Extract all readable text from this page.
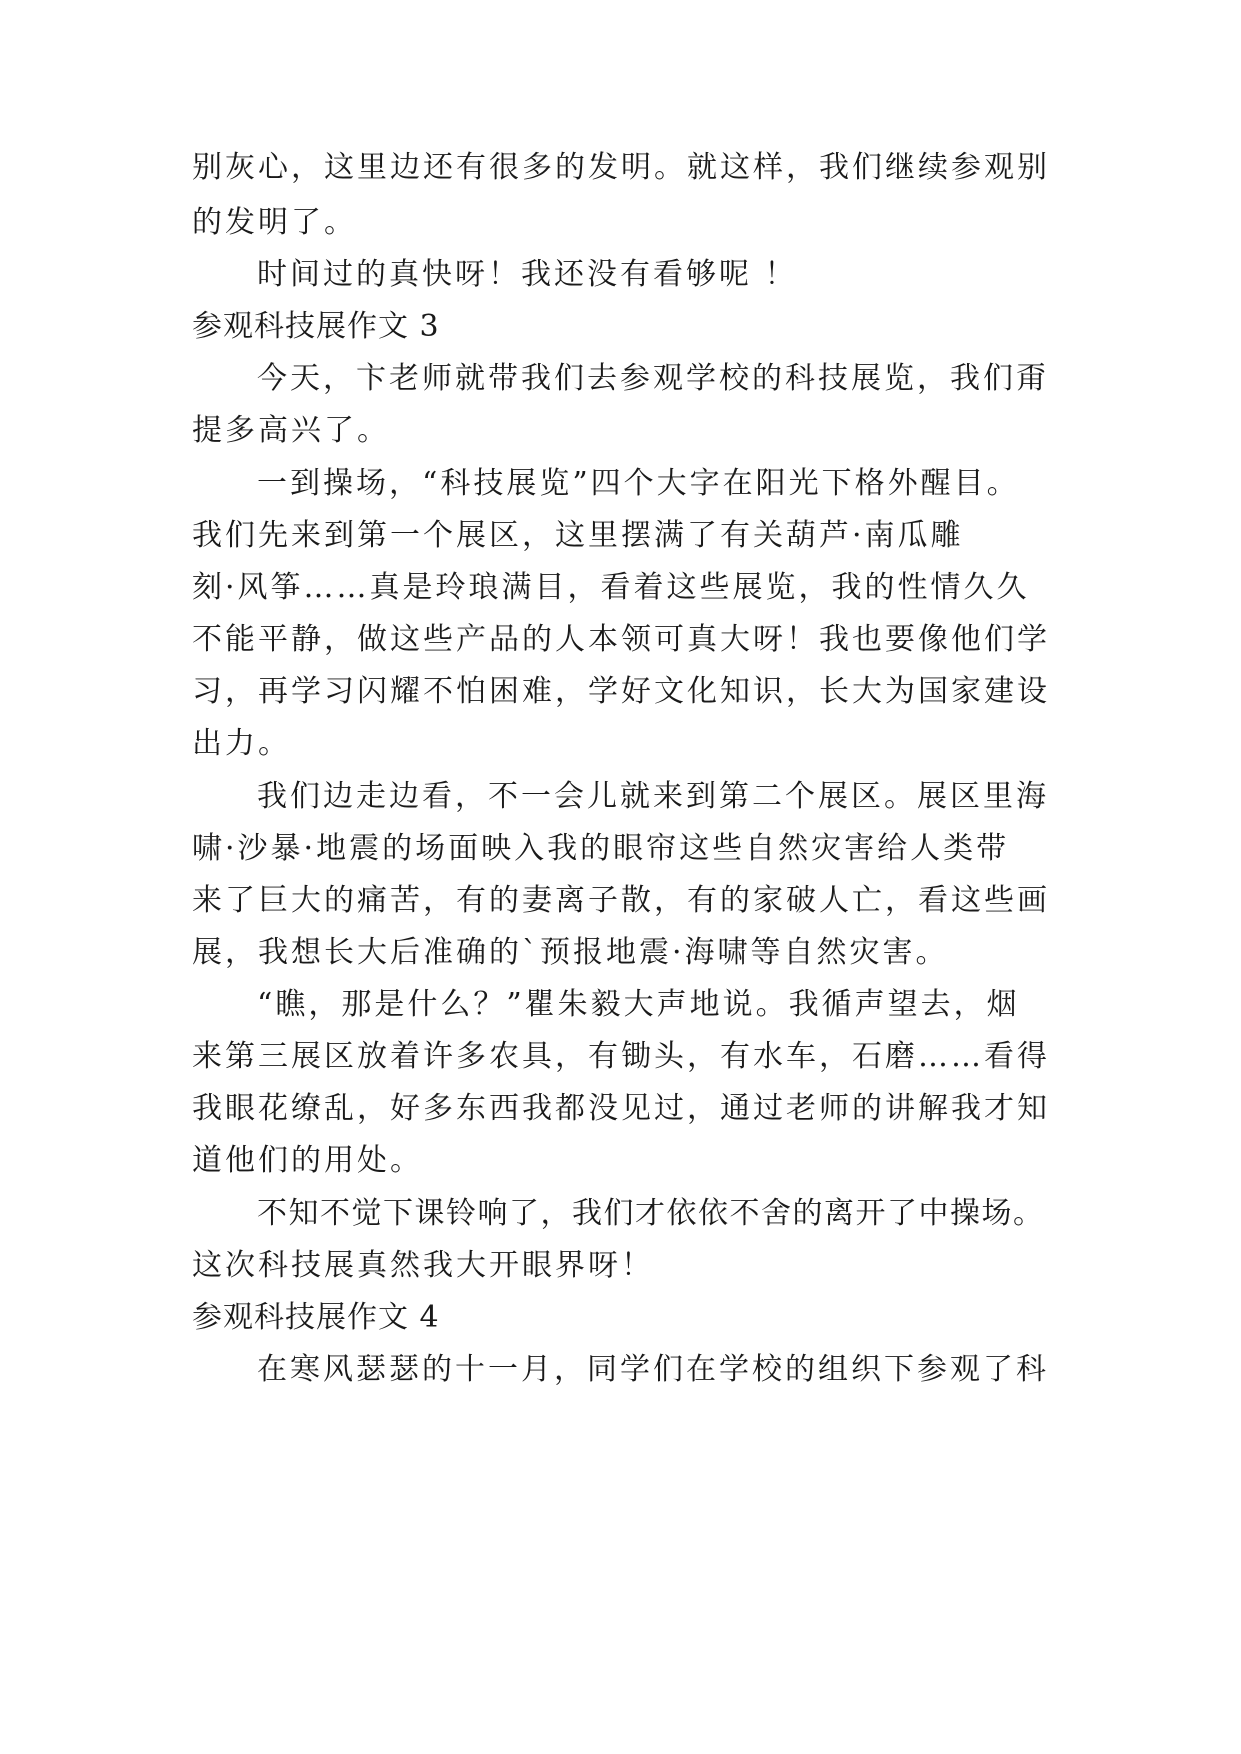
别灰心，这里边还有很多的发明。就这样，我们继续参观别

的发明了。

时间过的真快呀！我还没有看够呢 ！

参观科技展作文 3

今天，卞老师就带我们去参观学校的科技展览，我们甭

提多高兴了。

一到操场，“科技展览”四个大字在阳光下格外醒目。

我们先来到第一个展区，这里摆满了有关葫芦·南瓜雕

刻·风筝……真是玲琅满目，看着这些展览，我的性情久久

不能平静，做这些产品的人本领可真大呀！我也要像他们学

习，再学习闪耀不怕困难，学好文化知识，长大为国家建设

出力。

我们边走边看，不一会儿就来到第二个展区。展区里海

啸·沙暴·地震的场面映入我的眼帘这些自然灾害给人类带

来了巨大的痛苦，有的妻离子散，有的家破人亡，看这些画

展，我想长大后准确的`预报地震·海啸等自然灾害。

“瞧，那是什么？”瞿朱毅大声地说。我循声望去，烟

来第三展区放着许多农具，有锄头，有水车，石磨……看得

我眼花缭乱，好多东西我都没见过，通过老师的讲解我才知

道他们的用处。

不知不觉下课铃响了，我们才依依不舍的离开了中操场。

这次科技展真然我大开眼界呀！

参观科技展作文 4

在寒风瑟瑟的十一月，同学们在学校的组织下参观了科
